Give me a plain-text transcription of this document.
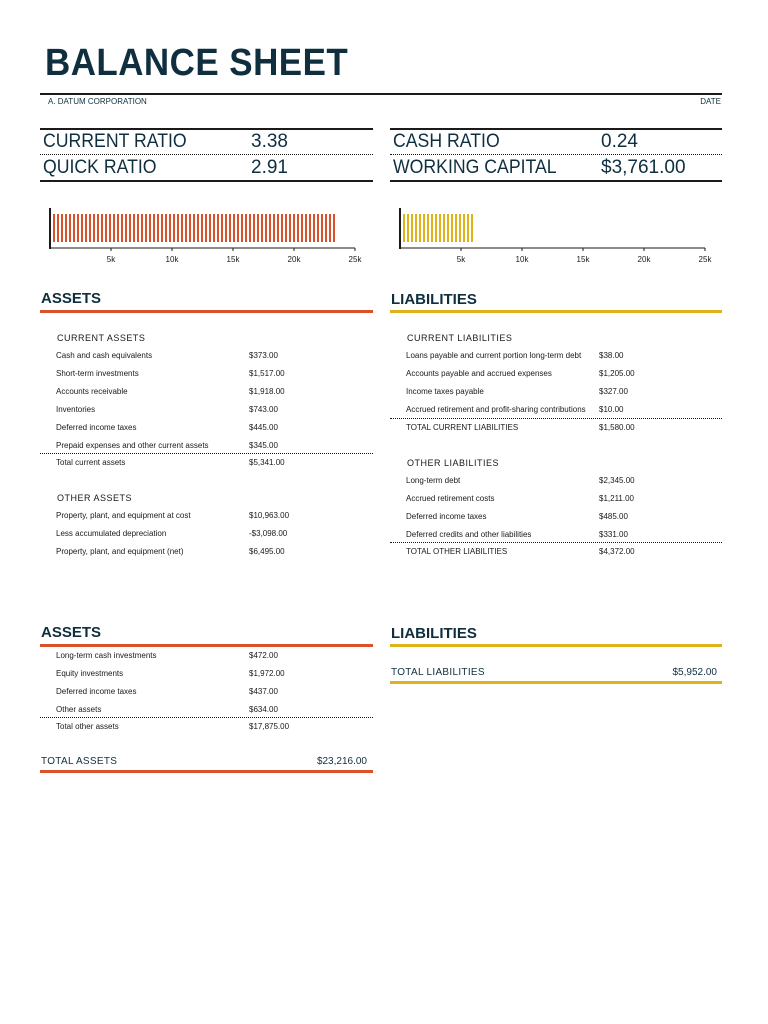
BALANCE SHEET
A. DATUM CORPORATION	DATE
CURRENT RATIO	3.38
QUICK RATIO	2.91
CASH RATIO	0.24
WORKING CAPITAL $3,761.00
5k	10k	15k	20k	25k	5k	10k	15k	20k	25k
ASSETS
CURRENT ASSETS
Cash and cash equivalents	$373.00
Short-term investments	$1,517.00
Accounts receivable	$1,918.00
Inventories	$743.00
Deferred income taxes	$445.00
Prepaid expenses and other current assets	$345.00
Total current assets	$5,341.00
OTHER ASSETS
Property, plant, and equipment at cost	$10,963.00
Less accumulated depreciation	-$3,098.00
Property, plant, and equipment (net)	$6,495.00
LIABILITIES
CURRENT LIABILITIES
Loans payable and current portion long-term debt $38.00
Accounts payable and accrued expenses	$1,205.00
Income taxes payable	$327.00
Accrued retirement and profit-sharing contributions $10.00
TOTAL CURRENT LIABILITIES	$1,580.00
OTHER LIABILITIES
Long-term debt	$2,345.00
Accrued retirement costs	$1,211.00
Deferred income taxes	$485.00
Deferred credits and other liabilities	$331.00
TOTAL OTHER LIABILITIES	$4,372.00
ASSETS
Long-term cash investments	$472.00
Equity investments	$1,972.00
Deferred income taxes	$437.00
Other assets	$634.00
Total other assets	$17,875.00
TOTAL ASSETS	$23,216.00
LIABILITIES
TOTAL LIABILITIES	$5,952.00
